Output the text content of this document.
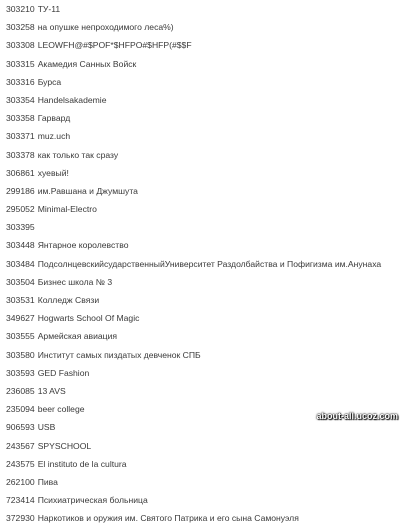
303210 ТУ-11
303258 на опушке непроходимого леса%)
303308 LEOWFH@#$POF*$HFPO#$HFP(#$$F
303315 Акамедия Санных Войск
303316 Бурса
303354 Handelsakademie
303358 Гарвард
303371 muz.uch
303378 как только так сразу
306861 хуевый!
299186 им.Равшана и Джумшута
295052 Minimal-Electro
303395
303448 Янтарное королевство
303484 ПодсолнцевскийсударственныйУниверситет Раздолбайства и Пофигизма им.Анунаха
303504 Бизнес школа № 3
303531 Колледж Связи
349627 Hogwarts School Of Magic
303555 Армейская авиация
303580 Институт самых пиздатых девченок СПБ
303593 GED Fashion
236085 13 AVS
235094 beer college
906593 USB
243567 SPYSCHOOL
243575 El instituto de la cultura
262100 Пива
723414 Психиатрическая больница
372930 Наркотиков и оружия им. Святого Патрика и его сына Самонуэля
about-all.ucoz.com
